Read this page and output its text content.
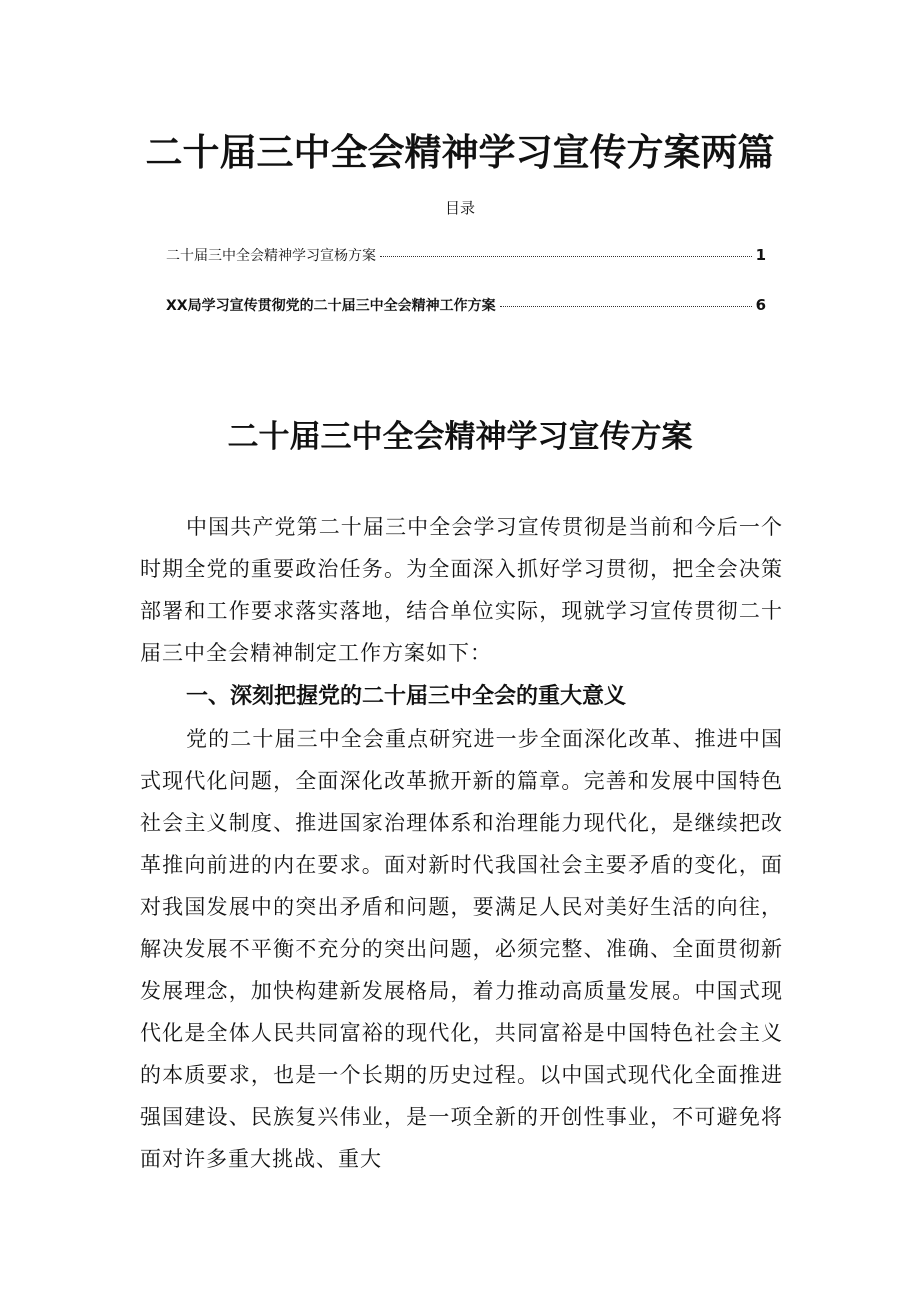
二十届三中全会精神学习宣传方案两篇
目录
二十届三中全会精神学习宣杨方案	1
XX局学习宣传贯彻党的二十届三中全会精神工作方案	6
二十届三中全会精神学习宣传方案

中国共产党第二十届三中全会学习宣传贯彻是当前和今后一个时期全党的重要政治任务。为全面深入抓好学习贯彻，把全会决策部署和工作要求落实落地，结合单位实际，现就学习宣传贯彻二十届三中全会精神制定工作方案如下：

一、深刻把握党的二十届三中全会的重大意义

党的二十届三中全会重点研究进一步全面深化改革、推进中国式现代化问题，全面深化改革掀开新的篇章。完善和发展中国特色社会主义制度、推进国家治理体系和治理能力现代化，是继续把改革推向前进的内在要求。面对新时代我国社会主要矛盾的变化，面对我国发展中的突出矛盾和问题，要满足人民对美好生活的向往，解决发展不平衡不充分的突出问题，必须完整、准确、全面贯彻新发展理念，加快构建新发展格局，着力推动高质量发展。中国式现代化是全体人民共同富裕的现代化，共同富裕是中国特色社会主义的本质要求，也是一个长期的历史过程。以中国式现代化全面推进强国建设、民族复兴伟业，是一项全新的开创性事业，不可避免将面对许多重大挑战、重大
